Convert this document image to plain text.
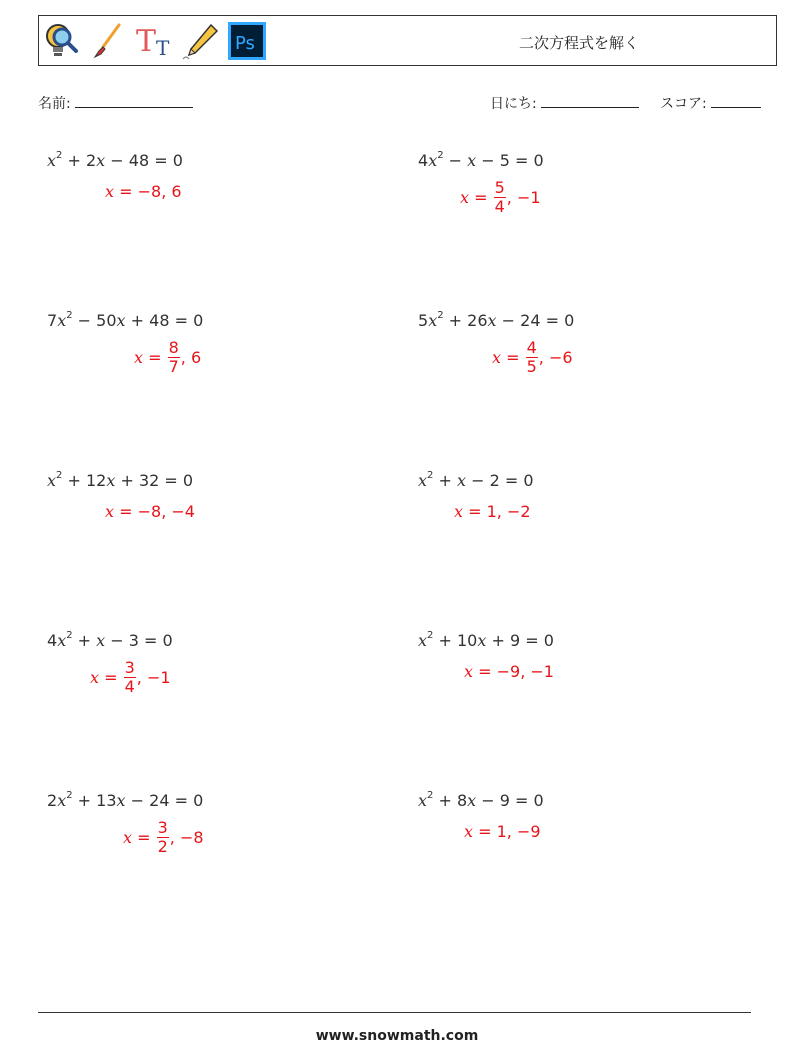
T T	Ps	二次方程式を解く
名前:	日にち:	スコア:
$x^2 + 2x - 48 = 0$
x = −8, 6
$4x^2 - x - 5 = 0$
$x = \frac{5}{4}$ , −1
$7x^2 - 50x + 48 = 0$
$x = \frac{8}{7}$ , 6
$5x^2 + 26x - 24 = 0$
$x = \frac{4}{5}$ , −6
$x^2 + 12x + 32 = 0$
x = −8, −4
$x^2 + x - 2 = 0$
x = 1, −2
$4x^2 + x - 3 = 0$
$x = \frac{3}{4}$ , −1
$x^2 + 10x + 9 = 0$
x = −9, −1
$2x^2 + 13x - 24 = 0$
$x = \frac{3}{2}$ , −8
$x^2 + 8x - 9 = 0$
x = 1, −9
www.snowmath.com
